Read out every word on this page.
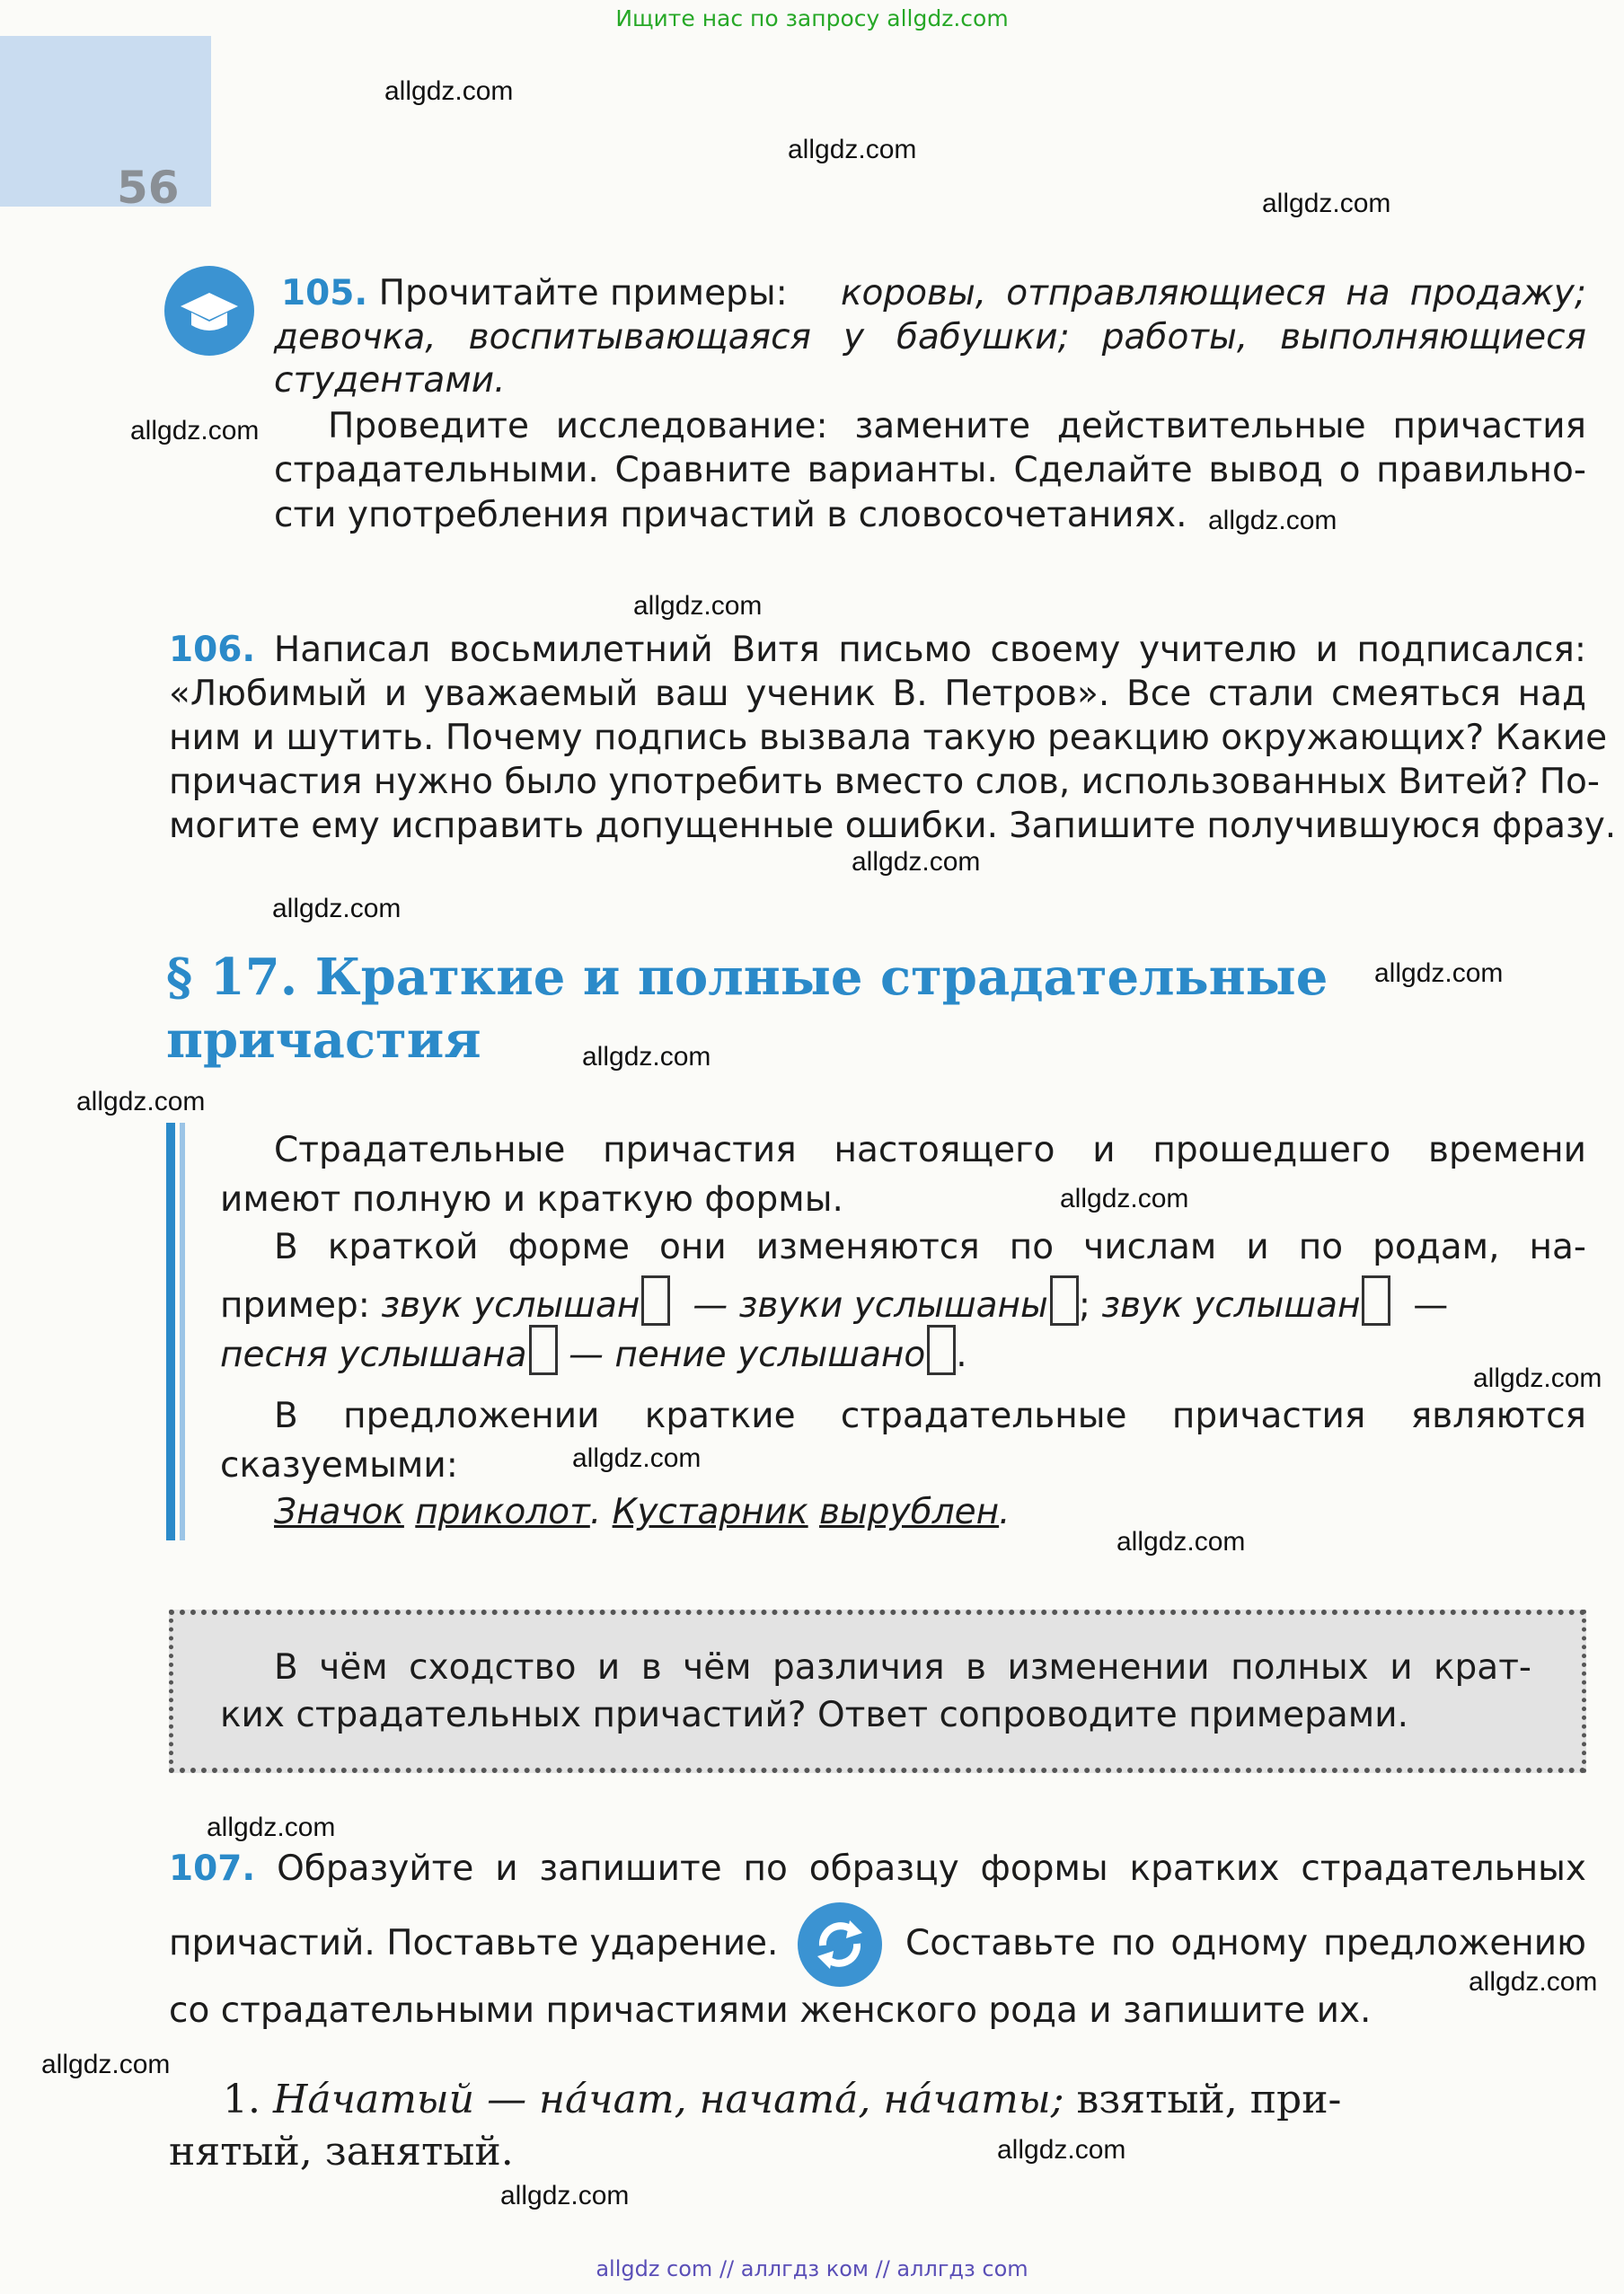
56
Ищите нас по запросу allgdz.com
105. Прочитайте примеры: коровы, отправляющиеся на продажу;
девочка, воспитывающаяся у бабушки; работы, выполняющиеся
студентами.
Проведите исследование: замените действительные причастия
страдательными. Сравните варианты. Сделайте вывод о правильно-
сти употребления причастий в словосочетаниях.
106. Написал восьмилетний Витя письмо своему учителю и подписался:
«Любимый и уважаемый ваш ученик В. Петров». Все стали смеяться над
ним и шутить. Почему подпись вызвала такую реакцию окружающих? Какие
причастия нужно было употребить вместо слов, использованных Витей? По-
могите ему исправить допущенные ошибки. Запишите получившуюся фразу.
§ 17. Краткие и полные страдательные
причастия
Страдательные причастия настоящего и прошедшего времени
имеют полную и краткую формы.
В краткой форме они изменяются по числам и по родам, на-
пример: звук услышан — звуки услышаны ; звук услышан —
песня услышана — пение услышано .
В предложении краткие страдательные причастия являются
сказуемыми:
Значок приколот. Кустарник вырублен.
В чём сходство и в чём различия в изменении полных и крат-
ких страдательных причастий? Ответ сопроводите примерами.
107. Образуйте и запишите по образцу формы кратких страдательных
причастий. Поставьте ударение.	Составьте по одному предложению
со страдательными причастиями женского рода и запишите их.
1. На́чатый — на́чат, начата́, на́чаты; взятый, при-
нятый, занятый.
allgdz.com
allgdz.com
allgdz.com
allgdz.com
allgdz.com
allgdz.com
allgdz.com
allgdz.com
allgdz.com
allgdz.com
allgdz.com
allgdz.com
allgdz.com
allgdz.com
allgdz.com
allgdz.com
allgdz.com
allgdz.com
allgdz.com
allgdz.com
allgdz com // аллгдз ком // аллгдз com
